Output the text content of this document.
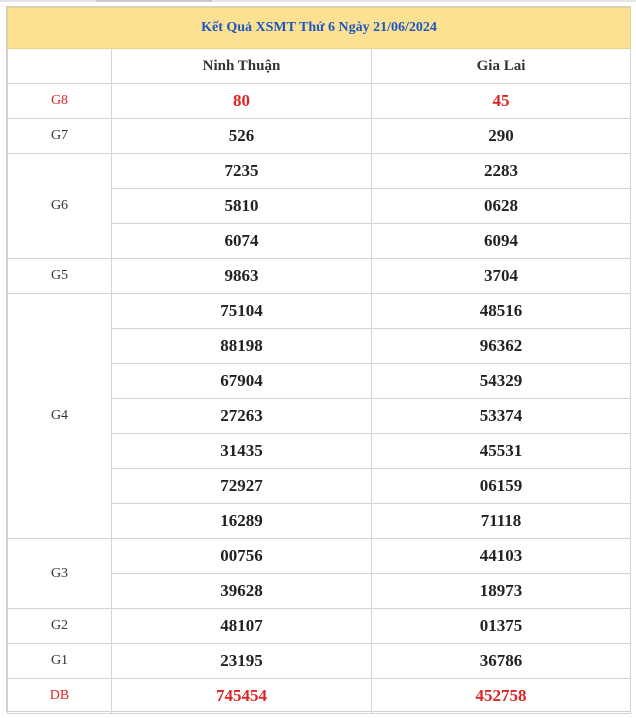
Kết Quả XSMT Thứ 6 Ngày 21/06/2024		
	Ninh Thuận	Gia Lai
G8	80	45
G7	526	290
G6	7235	2283
	5810	0628
	6074	6094
G5	9863	3704
G4	75104	48516
	88198	96362
	67904	54329
	27263	53374
	31435	45531
	72927	06159
	16289	71118
G3	00756	44103
	39628	18973
G2	48107	01375
G1	23195	36786
DB	745454	452758
